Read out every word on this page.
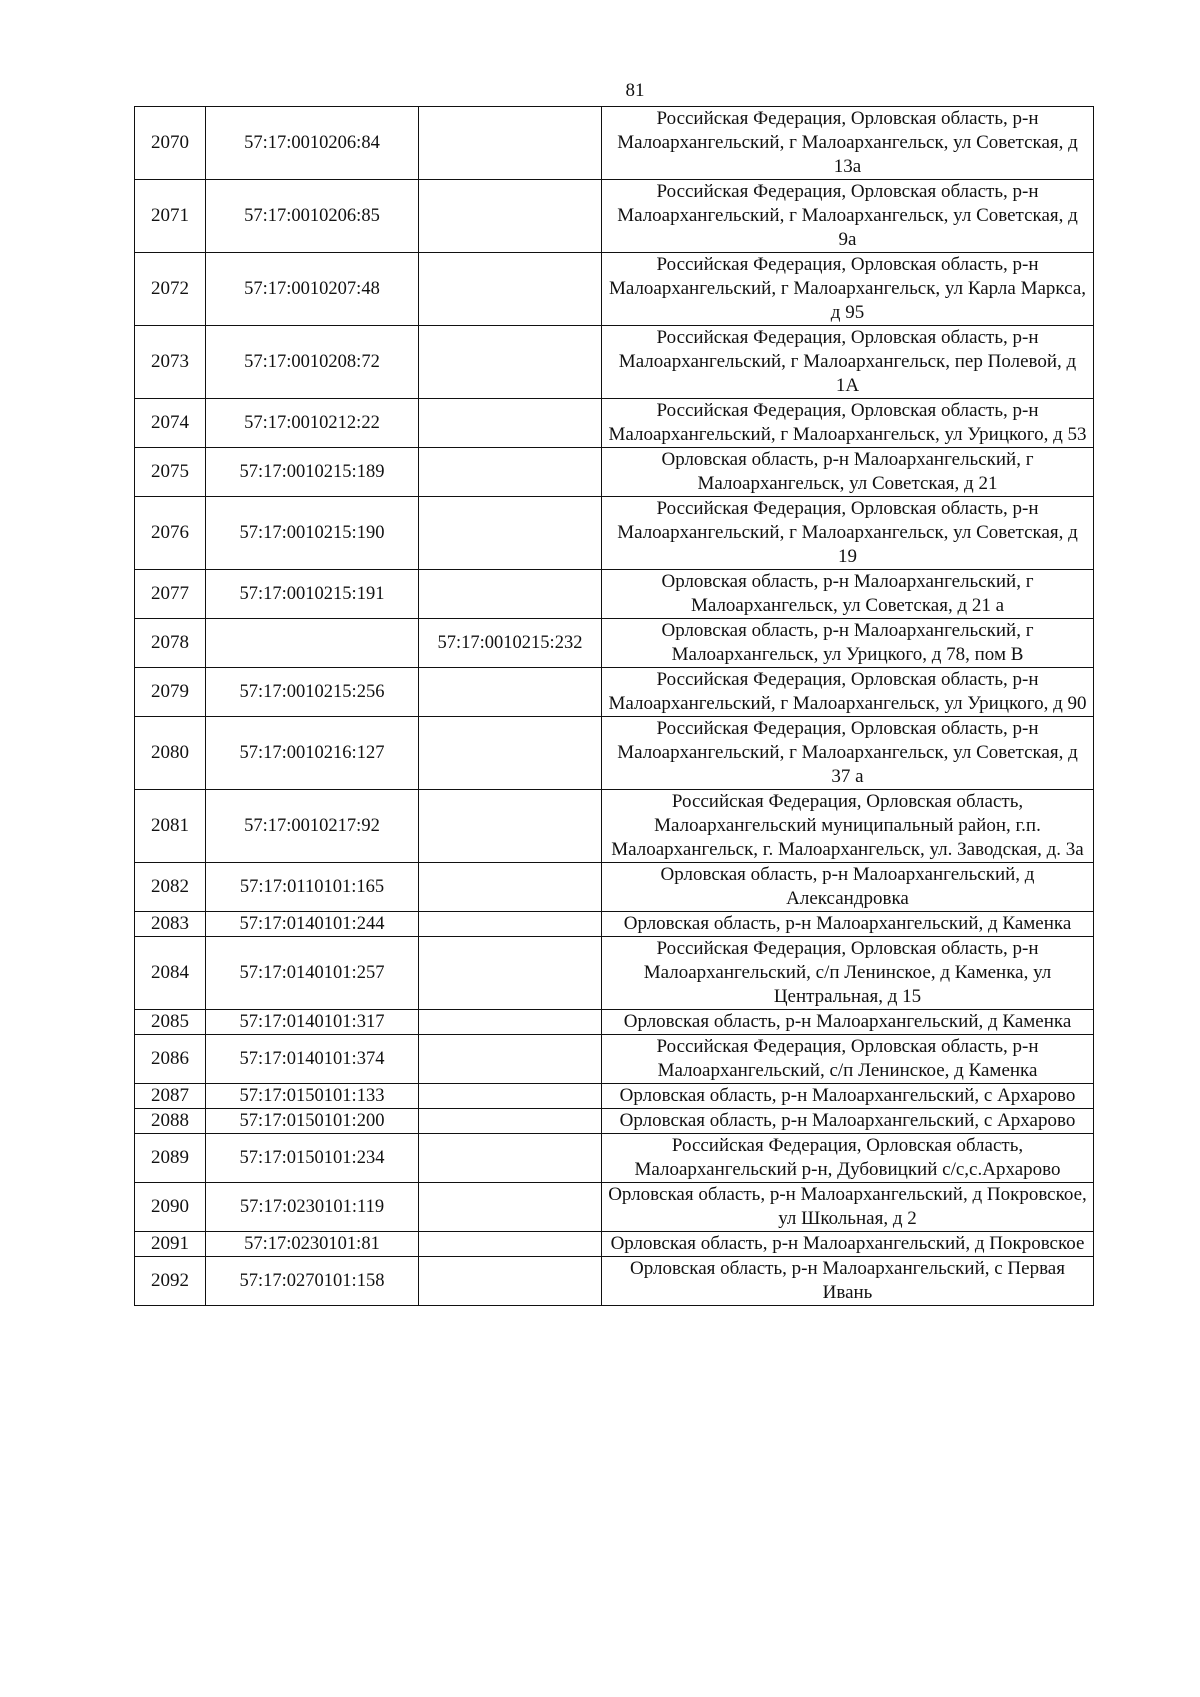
81
2070	57:17:0010206:84		Российская Федерация, Орловская область, р-н Малоархангельский, г Малоархангельск, ул Советская, д 13а
2071	57:17:0010206:85		Российская Федерация, Орловская область, р-н Малоархангельский, г Малоархангельск, ул Советская, д 9а
2072	57:17:0010207:48		Российская Федерация, Орловская область, р-н Малоархангельский, г Малоархангельск, ул Карла Маркса, д 95
2073	57:17:0010208:72		Российская Федерация, Орловская область, р-н Малоархангельский, г Малоархангельск, пер Полевой, д 1А
2074	57:17:0010212:22		Российская Федерация, Орловская область, р-н Малоархангельский, г Малоархангельск, ул Урицкого, д 53
2075	57:17:0010215:189		Орловская область, р-н Малоархангельский, г Малоархангельск, ул Советская, д 21
2076	57:17:0010215:190		Российская Федерация, Орловская область, р-н Малоархангельский, г Малоархангельск, ул Советская, д 19
2077	57:17:0010215:191		Орловская область, р-н Малоархангельский, г Малоархангельск, ул Советская, д 21 а
2078		57:17:0010215:232	Орловская область, р-н Малоархангельский, г Малоархангельск, ул Урицкого, д 78, пом В
2079	57:17:0010215:256		Российская Федерация, Орловская область, р-н Малоархангельский, г Малоархангельск, ул Урицкого, д 90
2080	57:17:0010216:127		Российская Федерация, Орловская область, р-н Малоархангельский, г Малоархангельск, ул Советская, д 37 а
2081	57:17:0010217:92		Российская Федерация, Орловская область, Малоархангельский муниципальный район, г.п. Малоархангельск, г. Малоархангельск, ул. Заводская, д. 3а
2082	57:17:0110101:165		Орловская область, р-н Малоархангельский, д Александровка
2083	57:17:0140101:244		Орловская область, р-н Малоархангельский, д Каменка
2084	57:17:0140101:257		Российская Федерация, Орловская область, р-н Малоархангельский, с/п Ленинское, д Каменка, ул Центральная, д 15
2085	57:17:0140101:317		Орловская область, р-н Малоархангельский, д Каменка
2086	57:17:0140101:374		Российская Федерация, Орловская область, р-н Малоархангельский, с/п Ленинское, д Каменка
2087	57:17:0150101:133		Орловская область, р-н Малоархангельский, с Архарово
2088	57:17:0150101:200		Орловская область, р-н Малоархангельский, с Архарово
2089	57:17:0150101:234		Российская Федерация, Орловская область, Малоархангельский р-н, Дубовицкий с/с,с.Архарово
2090	57:17:0230101:119		Орловская область, р-н Малоархангельский, д Покровское, ул Школьная, д 2
2091	57:17:0230101:81		Орловская область, р-н Малоархангельский, д Покровское
2092	57:17:0270101:158		Орловская область, р-н Малоархангельский, с Первая Ивань
